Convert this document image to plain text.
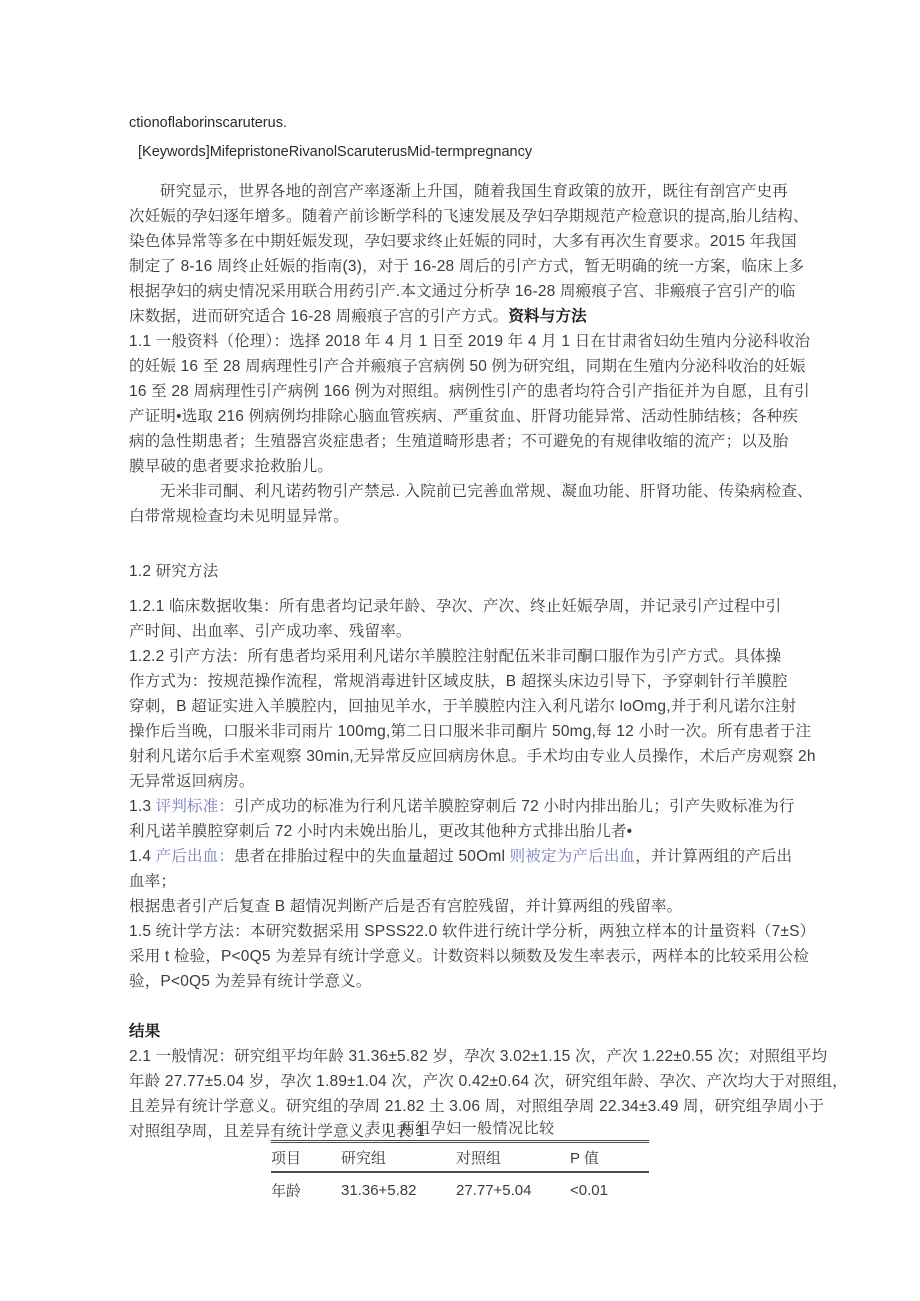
ctionoflaborinscaruterus.
[Keywords]MifepristoneRivanolScaruterusMid-termpregnancy
研究显示，世界各地的剖宫产率逐渐上升国，随着我国生育政策的放开，既往有剖宫产史再
次妊娠的孕妇逐年增多。随着产前诊断学科的飞速发展及孕妇孕期规范产检意识的提高,胎儿结构、
染色体异常等多在中期妊娠发现，孕妇要求终止妊娠的同时，大多有再次生育要求。2015 年我国
制定了 8-16 周终止妊娠的指南(3)，对于 16-28 周后的引产方式，暂无明确的统一方案，临床上多
根据孕妇的病史情况采用联合用药引产.本文通过分析孕 16-28 周瘢痕子宫、非瘢痕子宫引产的临
床数据，进而研究适合 16-28 周瘢痕子宫的引产方式。资料与方法
1.1 一般资料（伦理）：选择 2018 年 4 月 1 日至 2019 年 4 月 1 日在甘肃省妇幼生殖内分泌科收治
的妊娠 16 至 28 周病理性引产合并瘢痕子宫病例 50 例为研究组，同期在生殖内分泌科收治的妊娠
16 至 28 周病理性引产病例 166 例为对照组。病例性引产的患者均符合引产指征并为自愿，且有引
产证明•选取 216 例病例均排除心脑血管疾病、严重贫血、肝肾功能异常、活动性肺结核；各种疾
病的急性期患者；生殖器宫炎症患者；生殖道畸形患者；不可避免的有规律收缩的流产；以及胎
膜早破的患者要求抢救胎儿。
无米非司酮、利凡诺药物引产禁忌. 入院前已完善血常规、凝血功能、肝肾功能、传染病检查、
白带常规检查均未见明显异常。
1.2 研究方法
1.2.1 临床数据收集：所有患者均记录年龄、孕次、产次、终止妊娠孕周，并记录引产过程中引
产时间、出血率、引产成功率、残留率。
1.2.2 引产方法：所有患者均采用利凡诺尔羊膜腔注射配伍米非司酮口服作为引产方式。具体操
作方式为：按规范操作流程，常规消毒进针区域皮肤，B 超探头床边引导下，予穿刺针行羊膜腔
穿刺，B 超证实进入羊膜腔内，回抽见羊水，于羊膜腔内注入利凡诺尔 loOmg,并于利凡诺尔注射
操作后当晚，口服米非司雨片 100mg,第二日口服米非司酮片 50mg,每 12 小时一次。所有患者于注
射利凡诺尔后手术室观察 30min,无异常反应回病房休息。手术均由专业人员操作，术后产房观察 2h
无异常返回病房。
1.3 评判标准：引产成功的标准为行利凡诺羊膜腔穿刺后 72 小时内排出胎儿；引产失败标准为行
利凡诺羊膜腔穿刺后 72 小时内未娩出胎儿，更改其他种方式排出胎儿者•
1.4 产后出血：患者在排胎过程中的失血量超过 50Oml 则被定为产后出血，并计算两组的产后出
血率；
根据患者引产后复查 B 超情况判断产后是否有宫腔残留，并计算两组的残留率。
1.5 统计学方法：本研究数据采用 SPSS22.0 软件进行统计学分析，两独立样本的计量资料（7±S）
采用 t 检验，P<0Q5 为差异有统计学意义。计数资料以频数及发生率表示，两样本的比较采用公检
验，P<0Q5 为差异有统计学意义。
结果
2.1 一般情况：研究组平均年龄 31.36±5.82 岁，孕次 3.02±1.15 次，产次 1.22±0.55 次；对照组平均
年龄 27.77±5.04 岁，孕次 1.89±1.04 次，产次 0.42±0.64 次，研究组年龄、孕次、产次均大于对照组，
且差异有统计学意义。研究组的孕周 21.82 土 3.06 周，对照组孕周 22.34±3.49 周，研究组孕周小于
对照组孕周，且差异有统计学意义。见表 1
表 I. 两组孕妇一般情况比较
项目	研究组	对照组	P 值
年龄	31.36+5.82	27.77+5.04	<0.01
